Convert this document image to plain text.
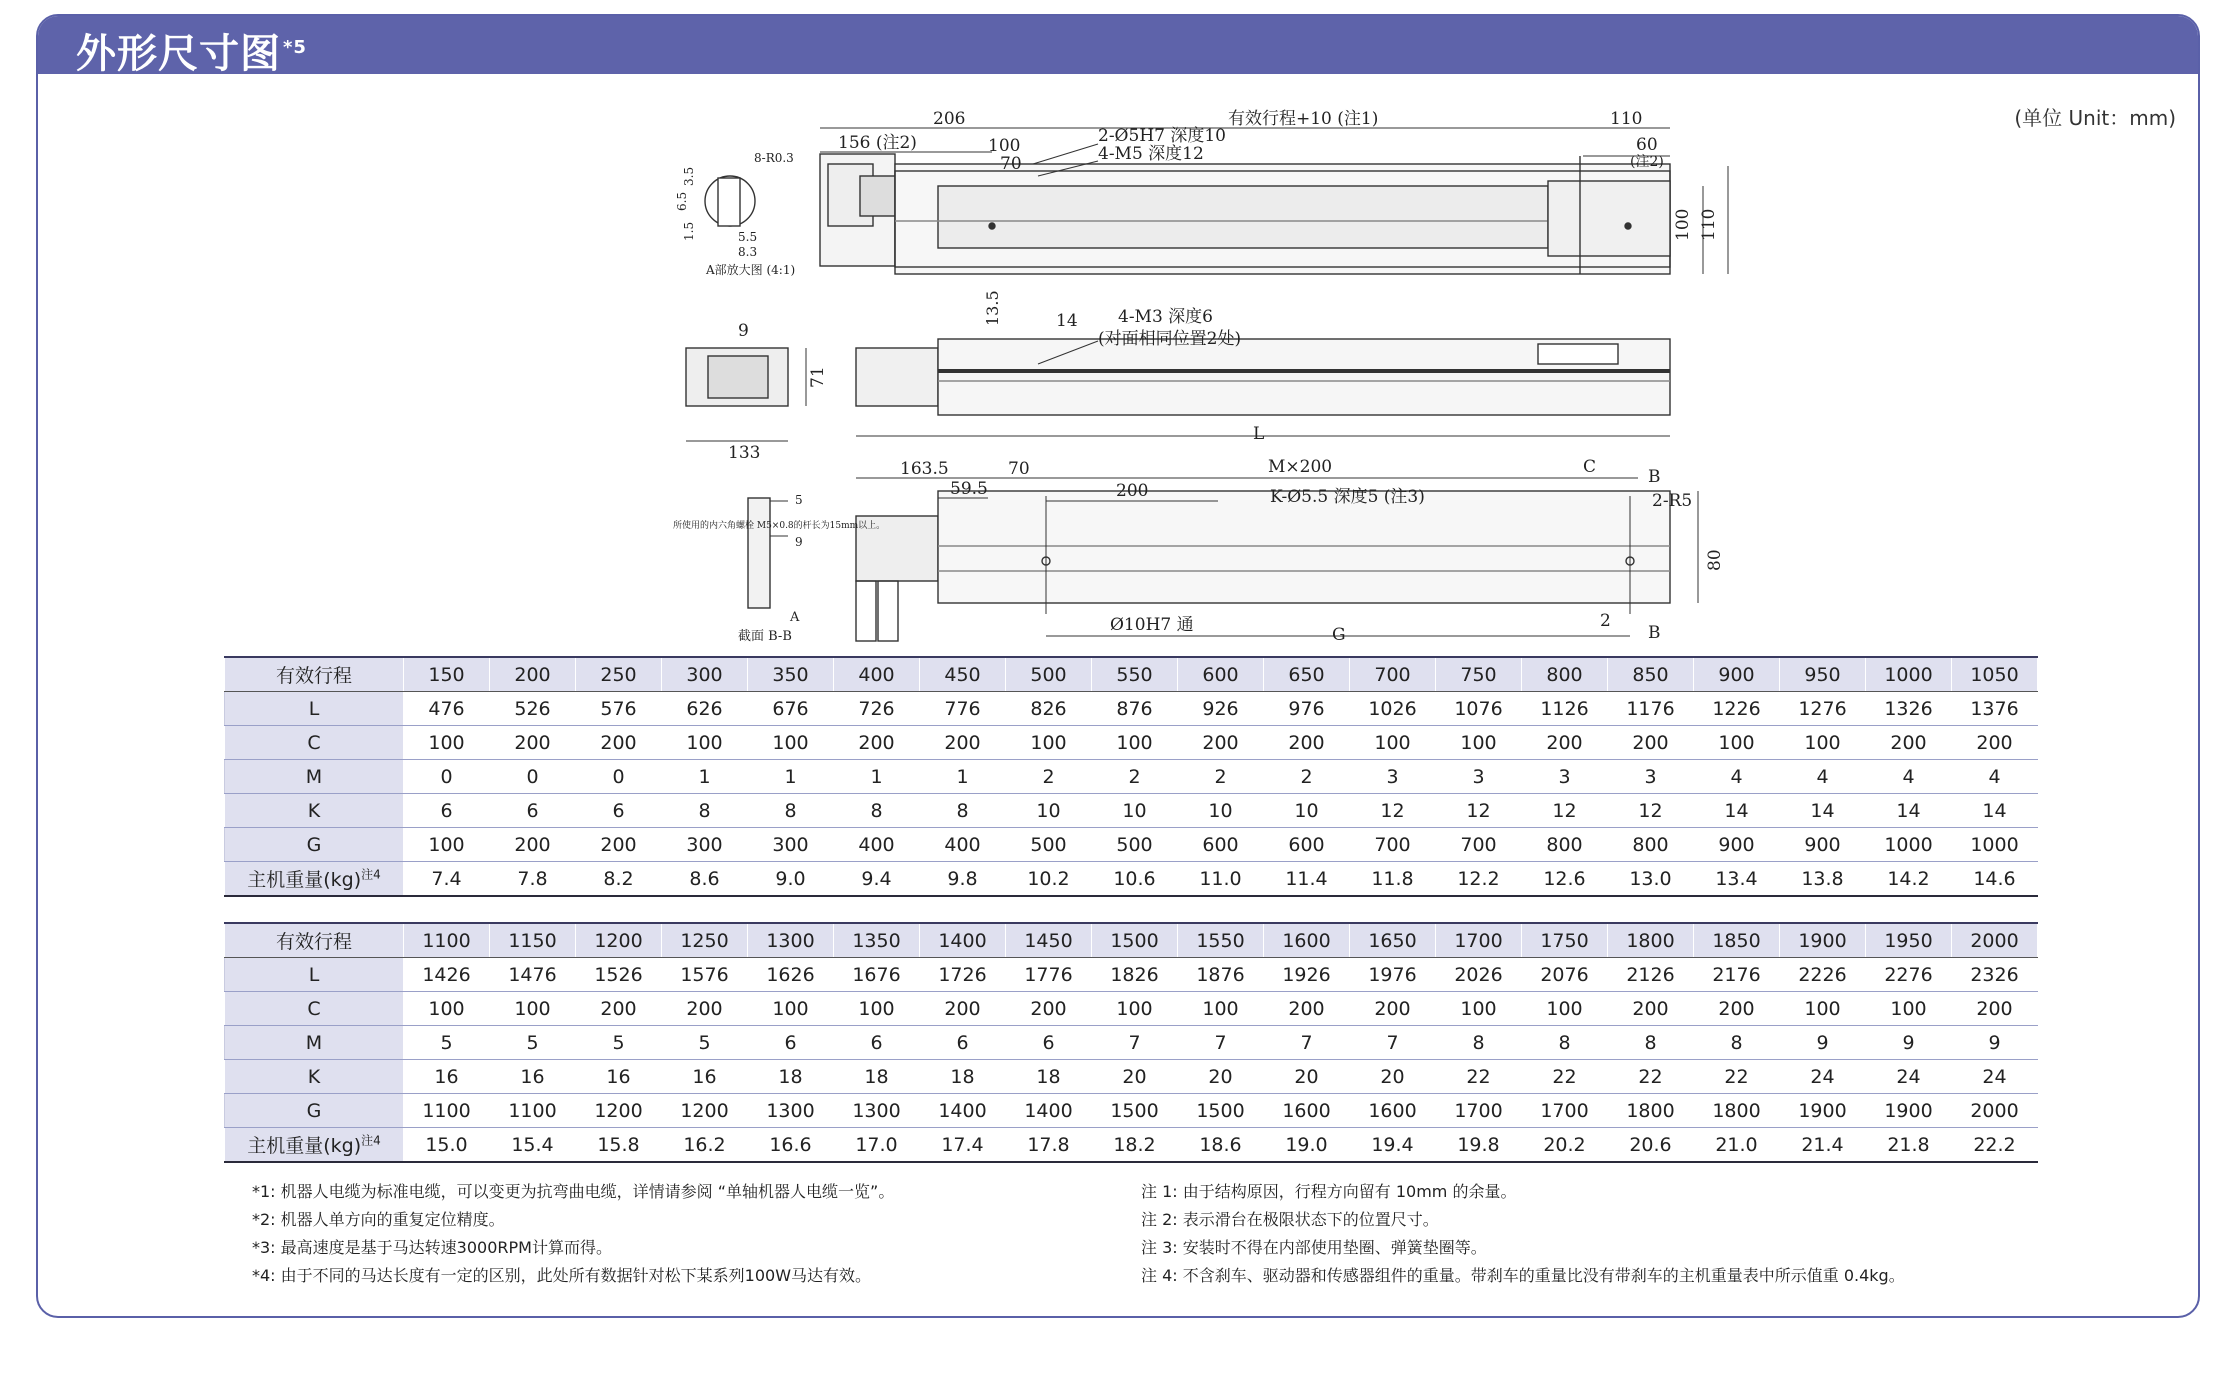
外形尺寸图 $^{*5}$
(单位 Unit：mm)
206
156 (注2)	100
70
2-Ø5H7 深度10
4-M5 深度12
有效行程+10 (注1)	110
60
(注2)
100 110
8-R0.3
3.5
6.5
1.5	5.5
8.3
A部放大图 (4:1)
9
71
133
13.5	14 4-M3 深度6
(对面相同位置2处)
L
163.5	70
59.5	200
M×200	C	B
K-Ø5.5 深度5 (注3)	2-R5
80
Ø10H7 通	G
2
B
所使用的内六角螺栓 M5×0.8的杆长为15mm以上。
5
9
A
截面 B-B
有效行程	150	200	250	300	350	400	450	500	550	600	650	700	750	800	850	900	950	1000	1050
L	476	526	576	626	676	726	776	826	876	926	976	1026	1076	1126	1176	1226	1276	1326	1376
C	100	200	200	100	100	200	200	100	100	200	200	100	100	200	200	100	100	200	200
M	0	0	0	1	1	1	1	2	2	2	2	3	3	3	3	4	4	4	4
K	6	6	6	8	8	8	8	10	10	10	10	12	12	12	12	14	14	14	14
G	100	200	200	300	300	400	400	500	500	600	600	700	700	800	800	900	900	1000	1000
主机重量(kg)$^{注4}$	7.4	7.8	8.2	8.6	9.0	9.4	9.8	10.2	10.6	11.0	11.4	11.8	12.2	12.6	13.0	13.4	13.8	14.2	14.6
有效行程	1100	1150	1200	1250	1300	1350	1400	1450	1500	1550	1600	1650	1700	1750	1800	1850	1900	1950	2000
L	1426	1476	1526	1576	1626	1676	1726	1776	1826	1876	1926	1976	2026	2076	2126	2176	2226	2276	2326
C	100	100	200	200	100	100	200	200	100	100	200	200	100	100	200	200	100	100	200
M	5	5	5	5	6	6	6	6	7	7	7	7	8	8	8	8	9	9	9
K	16	16	16	16	18	18	18	18	20	20	20	20	22	22	22	22	24	24	24
G	1100	1100	1200	1200	1300	1300	1400	1400	1500	1500	1600	1600	1700	1700	1800	1800	1900	1900	2000
主机重量(kg)$^{注4}$	15.0	15.4	15.8	16.2	16.6	17.0	17.4	17.8	18.2	18.6	19.0	19.4	19.8	20.2	20.6	21.0	21.4	21.8	22.2
*1: 机器人电缆为标准电缆，可以变更为抗弯曲电缆，详情请参阅 “单轴机器人电缆一览”。
*2: 机器人单方向的重复定位精度。
*3: 最高速度是基于马达转速3000RPM计算而得。
*4: 由于不同的马达长度有一定的区别，此处所有数据针对松下某系列100W马达有效。
注 1: 由于结构原因，行程方向留有 10mm 的余量。
注 2: 表示滑台在极限状态下的位置尺寸。
注 3: 安装时不得在内部使用垫圈、弹簧垫圈等。
注 4: 不含刹车、驱动器和传感器组件的重量。带刹车的重量比没有带刹车的主机重量表中所示值重 0.4kg。
